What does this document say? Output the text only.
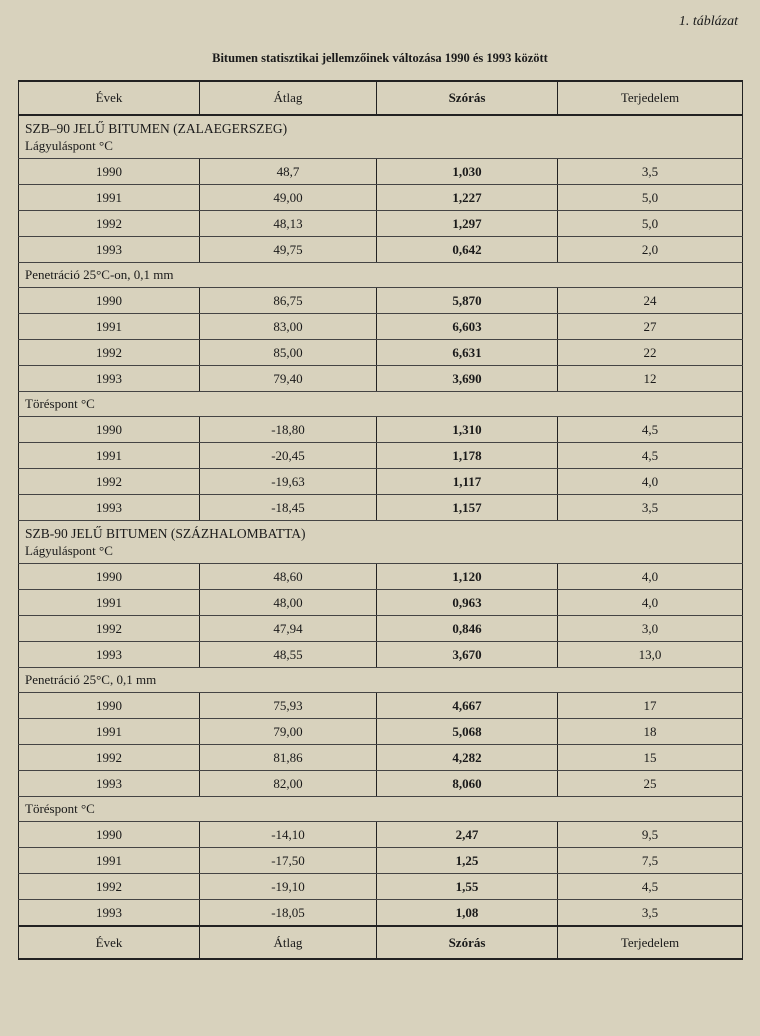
1. táblázat
Bitumen statisztikai jellemzőinek változása 1990 és 1993 között
Évek	Átlag	Szórás	Terjedelem

SZB–90 JELŰ BITUMEN (ZALAEGERSZEG)
Lágyuláspont °C			

1990	48,7	1,030	3,5
1991	49,00	1,227	5,0
1992	48,13	1,297	5,0
1993	49,75	0,642	2,0
Penetráció 25°C-on, 0,1 mm			
1990	86,75	5,870	24
1991	83,00	6,603	27
1992	85,00	6,631	22
1993	79,40	3,690	12
Töréspont °C			
1990	-18,80	1,310	4,5
1991	-20,45	1,178	4,5
1992	-19,63	1,117	4,0
1993	-18,45	1,157	3,5

SZB-90 JELŰ BITUMEN (SZÁZHALOMBATTA)
Lágyuláspont °C			

1990	48,60	1,120	4,0
1991	48,00	0,963	4,0
1992	47,94	0,846	3,0
1993	48,55	3,670	13,0
Penetráció 25°C, 0,1 mm			
1990	75,93	4,667	17
1991	79,00	5,068	18
1992	81,86	4,282	15
1993	82,00	8,060	25
Töréspont °C			
1990	-14,10	2,47	9,5
1991	-17,50	1,25	7,5
1992	-19,10	1,55	4,5
1993	-18,05	1,08	3,5
Évek	Átlag	Szórás	Terjedelem
